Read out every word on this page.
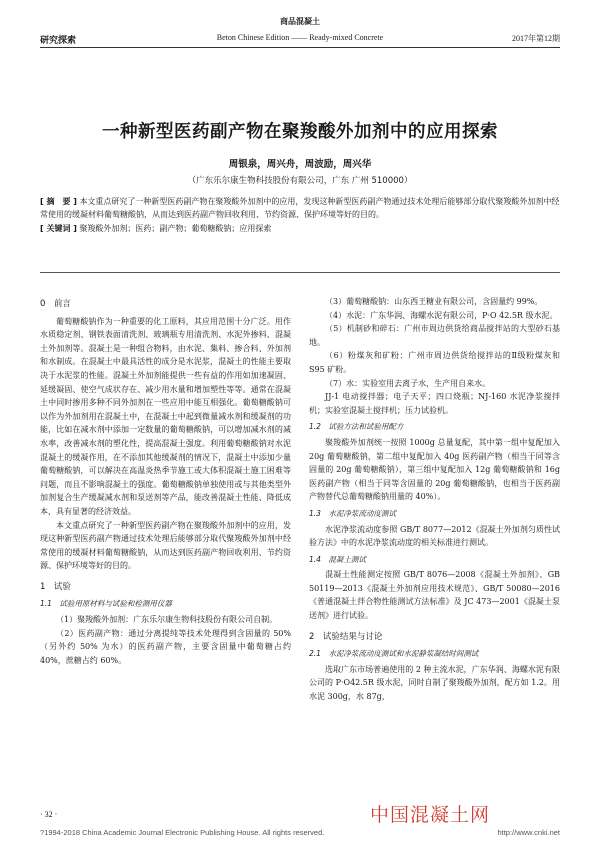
商品混凝土
研究探索	Beton Chinese Edition —— Ready-mixed Concrete	2017年第12期
一种新型医药副产物在聚羧酸外加剂中的应用探索
周银泉，周兴舟，周波励，周兴华
（广东乐尔康生物科技股份有限公司，广东 广州 510000）
[ 摘　要 ] 本文重点研究了一种新型医药副产物在聚羧酸外加剂中的应用，发现这种新型医药副产物通过技术处理后能够部分取代聚羧酸外加剂中经常使用的缓凝材料葡萄糖酸钠，从而达到医药副产物回收利用、节约资源、保护环境等好的目的。
[ 关键词 ] 聚羧酸外加剂；医药；副产物；葡萄糖酸钠；应用探索
0　前言

葡萄糖酸钠作为一种重要的化工原料，其应用范围十分广泛。用作水质稳定剂、钢铁表面清洗剂、玻璃瓶专用清洗剂、水泥外掺料、混凝土外加剂等。混凝土是一种组合物料，由水泥、集料、掺合料、外加剂和水制成。在混凝土中最具活性的成分是水泥浆，混凝土的性能主要取决于水泥浆的性能。混凝土外加剂能提供一些有益的作用如加速凝固、延缓凝固、使空气成状存在、减少用水量和增加塑性等等。通常在混凝土中同时掺用多种不同外加剂在一些应用中能互相强化。葡萄糖酸钠可以作为外加剂用在混凝土中，在混凝土中起到微量减水剂和缓凝剂的功能，比如在减水剂中添加一定数量的葡萄糖酸钠，可以增加减水剂的减水率，改善减水剂的塑化性，提高混凝土强度。利用葡萄糖酸钠对水泥混凝土的缓凝作用，在不添加其他缓凝剂的情况下，混凝土中添加少量葡萄糖酸钠，可以解决在高温炎热季节施工或大体积混凝土施工困难等问题，而且不影响混凝土的强度。葡萄糖酸钠单独使用或与其他类型外加剂复合生产缓凝减水剂和泵送剂等产品，能改善混凝土性能、降低成本，具有显著的经济效益。

本文重点研究了一种新型医药副产物在聚羧酸外加剂中的应用，发现这种新型医药副产物通过技术处理后能够部分取代聚羧酸外加剂中经常使用的缓凝材料葡萄糖酸钠，从而达到医药副产物回收利用、节约资源、保护环境等好的目的。

1　试验
1.1　试验用原材料与试验和检测用仪器

（1）聚羧酸外加剂：广东乐尔康生物科技股份有限公司自制。

（2）医药副产物：通过分离提纯等技术处理得到含固量的 50%（另外约 50% 为水）的医药副产物，主要含固量中葡萄糖占约 40%，蔗糖占约 60%。

（3）葡萄糖酸钠：山东西王糖业有限公司，含固量约 99%。

（4）水泥：广东华润、海螺水泥有限公司，P·O 42.5R 级水泥。

（5）机制砂和碎石：广州市周边供货给商品搅拌站的大型砂石基地。

（6）粉煤灰和矿粉：广州市周边供货给搅拌站的Ⅱ级粉煤灰和 S95 矿粉。

（7）水：实验室用去离子水，生产用自来水。

JJ-1 电动搅拌器；电子天平；四口烧瓶；NJ-160 水泥净浆搅拌机；实验室混凝土搅拌机；压力试验机。

1.2　试验方法和试验用配方

聚羧酸外加剂统一按照 1000g 总量复配，其中第一组中复配加入 20g 葡萄糖酸钠，第二组中复配加入 40g 医药副产物（相当于同等含固量的 20g 葡萄糖酸钠），第三组中复配加入 12g 葡萄糖酸钠和 16g 医药副产物（相当于同等含固量的 20g 葡萄糖酸钠，也相当于医药副产物替代总葡萄糖酸钠用量的 40%）。

1.3　水泥净浆流动度测试

水泥净浆流动度参照 GB/T 8077—2012《混凝土外加剂匀质性试验方法》中的水泥净浆流动度的相关标准进行测试。

1.4　混凝土测试

混凝土性能测定按照 GB/T 8076—2008《混凝土外加剂》、GB 50119—2013《混凝土外加剂应用技术规范》、GB/T 50080—2016《普通混凝土拌合物性能测试方法标准》及 JC 473—2001《混凝土泵送剂》进行试验。

2　试验结果与讨论
2.1　水泥净浆流动度测试和水泥静浆凝结时间测试

选取广东市场普遍使用的 2 种主流水泥，广东华润、海螺水泥有限公司的 P·O42.5R 级水泥，同时自制了聚羧酸外加剂，配方如 1.2。用水泥 300g，水 87g，

· 32 ·	中国混凝土网
?1994-2018 China Academic Journal Electronic Publishing House. All rights reserved.	http://www.cnki.net
